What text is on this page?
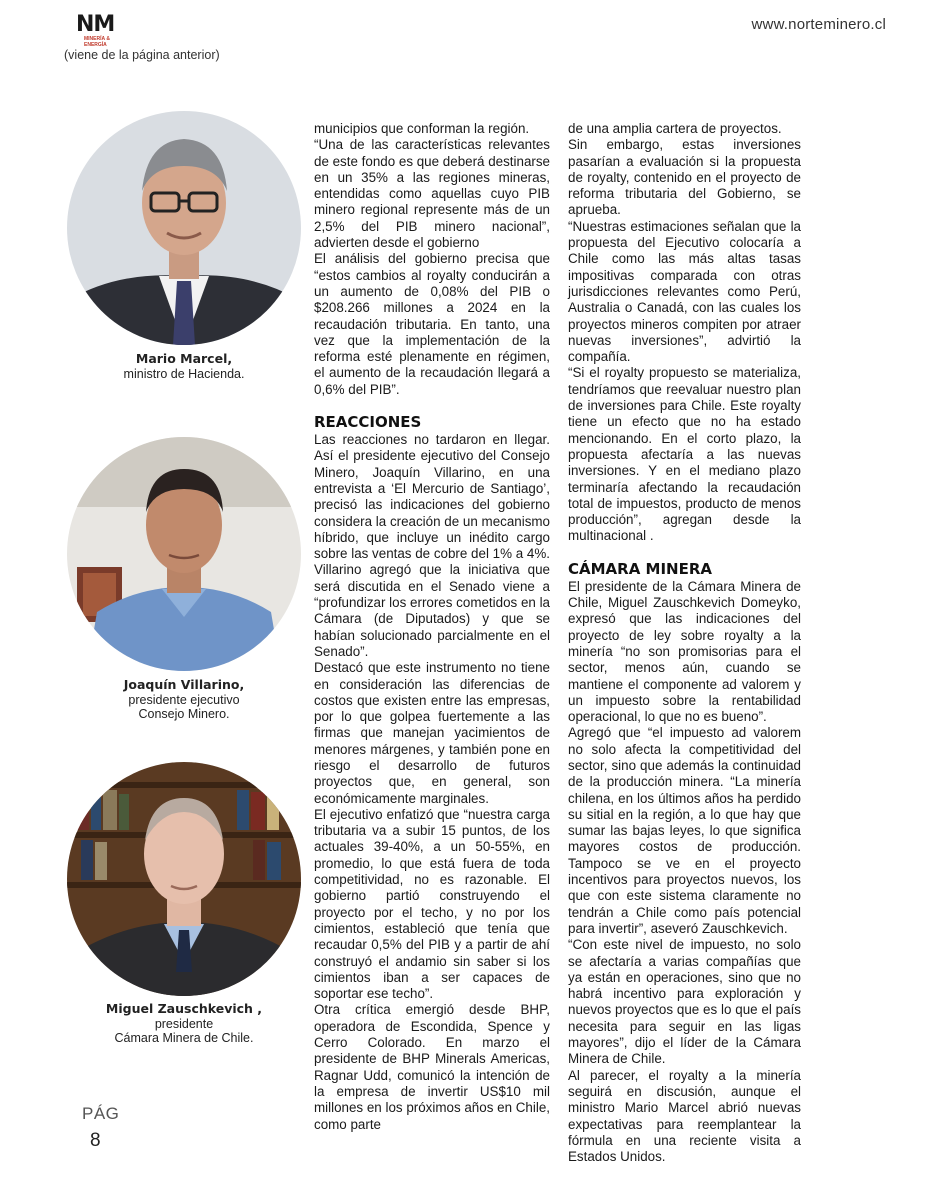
NM
MINERÍA & ENERGÍA
(viene de la página anterior)
www.norteminero.cl
Mario Marcel,
ministro de Hacienda.
Joaquín Villarino,
presidente ejecutivo
Consejo Minero.
Miguel Zauschkevich ,
presidente
Cámara Minera de Chile.

municipios que conforman la región.

“Una de las características relevantes de este fondo es que deberá destinarse en un 35% a las regiones mineras, entendidas como aquellas cuyo PIB minero regional represente más de un 2,5% del PIB minero nacional”, advierten desde el gobierno

El análisis del gobierno precisa que “estos cambios al royalty conducirán a un aumento de 0,08% del PIB o $208.266 millones a 2024 en la recaudación tributaria. En tanto, una vez que la implementación de la reforma esté plenamente en régimen, el aumento de la recaudación llegará a 0,6% del PIB”.

REACCIONES

Las reacciones no tardaron en llegar. Así el presidente ejecutivo del Consejo Minero, Joaquín Villarino, en una entrevista a ‘El Mercurio de Santiago’, precisó las indicaciones del gobierno considera la creación de un mecanismo híbrido, que incluye un inédito cargo sobre las ventas de cobre del 1% a 4%.

Villarino agregó que la iniciativa que será discutida en el Senado viene a “profundizar los errores cometidos en la Cámara (de Diputados) y que se habían solucionado parcialmente en el Senado”.

Destacó que este instrumento no tiene en consideración las diferencias de costos que existen entre las empresas, por lo que golpea fuertemente a las firmas que manejan yacimientos de menores márgenes, y también pone en riesgo el desarrollo de futuros proyectos que, en general, son económicamente marginales.

El ejecutivo enfatizó que “nuestra carga tributaria va a subir 15 puntos, de los actuales 39-40%, a un 50-55%, en promedio, lo que está fuera de toda competitividad, no es razonable. El gobierno partió construyendo el proyecto por el techo, y no por los cimientos, estableció que tenía que recaudar 0,5% del PIB y a partir de ahí construyó el andamio sin saber si los cimientos iban a ser capaces de soportar ese techo”.

Otra crítica emergió desde BHP, operadora de Escondida, Spence y Cerro Colorado. En marzo el presidente de BHP Minerals Americas, Ragnar Udd, comunicó la intención de la empresa de invertir US$10 mil millones en los próximos años en Chile, como parte

de una amplia cartera de proyectos.

Sin embargo, estas inversiones pasarían a evaluación si la propuesta de royalty, contenido en el proyecto de reforma tributaria del Gobierno, se aprueba.

“Nuestras estimaciones señalan que la propuesta del Ejecutivo colocaría a Chile como las más altas tasas impositivas comparada con otras jurisdicciones relevantes como Perú, Australia o Canadá, con las cuales los proyectos mineros compiten por atraer nuevas inversiones”, advirtió la compañía.

“Si el royalty propuesto se materializa, tendríamos que reevaluar nuestro plan de inversiones para Chile. Este royalty tiene un efecto que no ha estado mencionando. En el corto plazo, la propuesta afectaría a las nuevas inversiones. Y en el mediano plazo terminaría afectando la recaudación total de impuestos, producto de menos producción”, agregan desde la multinacional .

CÁMARA MINERA

El presidente de la Cámara Minera de Chile, Miguel Zauschkevich Domeyko, expresó que las indicaciones del proyecto de ley sobre royalty a la minería “no son promisorias para el sector, menos aún, cuando se mantiene el componente ad valorem y un impuesto sobre la rentabilidad operacional, lo que no es bueno”.

Agregó que “el impuesto ad valorem no solo afecta la competitividad del sector, sino que además la continuidad de la producción minera. “La minería chilena, en los últimos años ha perdido su sitial en la región, a lo que hay que sumar las bajas leyes, lo que significa mayores costos de producción. Tampoco se ve en el proyecto incentivos para proyectos nuevos, los que con este sistema claramente no tendrán a Chile como país potencial para invertir”, aseveró Zauschkevich.

“Con este nivel de impuesto, no solo se afectaría a varias compañías que ya están en operaciones, sino que no habrá incentivo para exploración y nuevos proyectos que es lo que el país necesita para seguir en las ligas mayores”, dijo el líder de la Cámara Minera de Chile.

Al parecer, el royalty a la minería seguirá en discusión, aunque el ministro Mario Marcel abrió nuevas expectativas para reemplantear la fórmula en una reciente visita a Estados Unidos.

PÁG
8
